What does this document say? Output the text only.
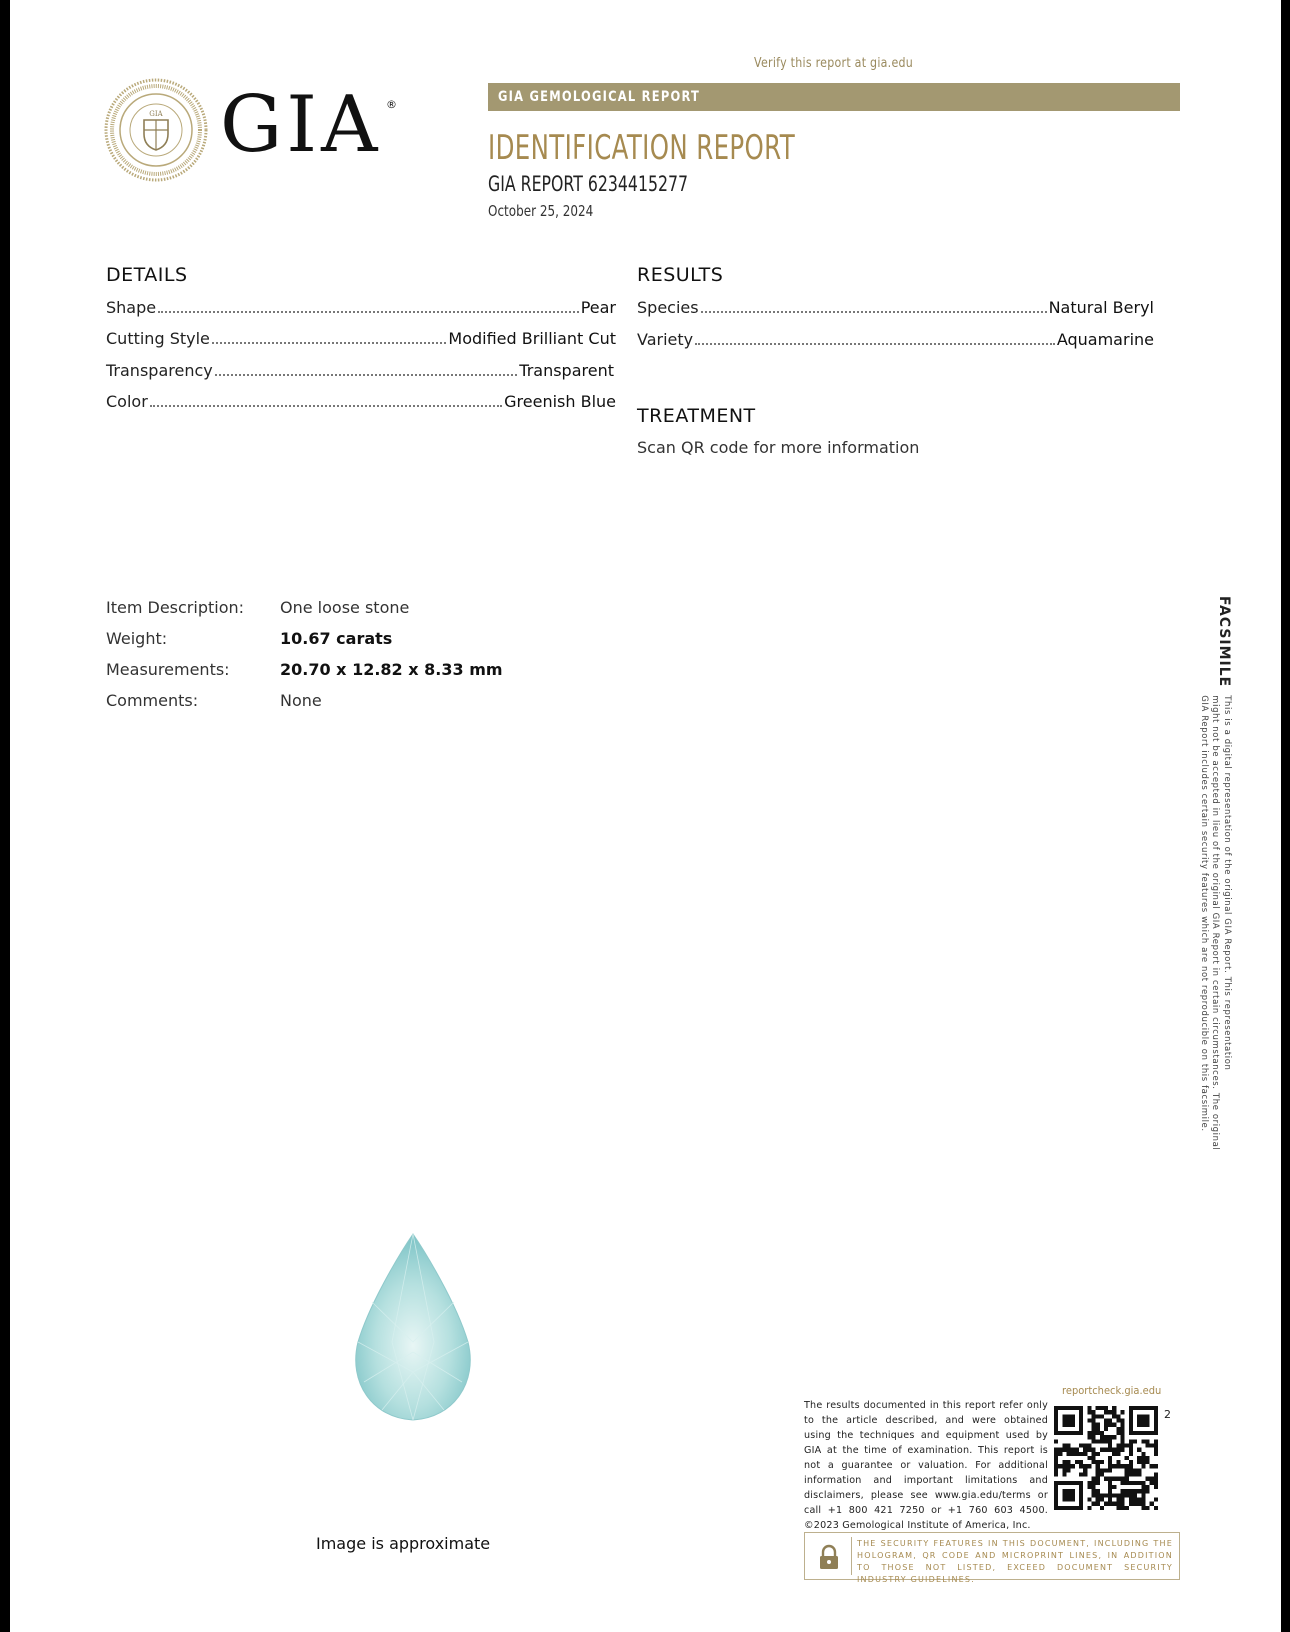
GIA GIA ®
Verify this report at gia.edu
GIA GEMOLOGICAL REPORT
IDENTIFICATION REPORT
GIA REPORT 6234415277
October 25, 2024
DETAILS
Shape	Pear
Cutting Style	Modified Brilliant Cut
Transparency	Transparent
Color	Greenish Blue
RESULTS
Species	Natural Beryl
Variety	Aquamarine
TREATMENT
Scan QR code for more information
Item Description: One loose stone
Weight:	10.67 carats
Measurements:	20.70 x 12.82 x 8.33 mm
Comments:	None
FACSIMILE
This is a digital representation of the original GIA Report. This representation
might not be accepted in lieu of the original GIA Report in certain circumstances. The original
GIA Report includes certain security features which are not reproducible on this facsimile.
Image is approximate
The results documented in this report refer only to the article described, and were obtained using the techniques and equipment used by GIA at the time of examination. This report is not a guarantee or valuation. For additional information and important limitations and disclaimers, please see www.gia.edu/terms or call +1 800 421 7250 or +1 760 603 4500. ©2023 Gemological Institute of America, Inc.
reportcheck.gia.edu
2
THE SECURITY FEATURES IN THIS DOCUMENT, INCLUDING THE HOLOGRAM, QR CODE AND MICROPRINT LINES, IN ADDITION TO THOSE NOT LISTED, EXCEED DOCUMENT SECURITY INDUSTRY GUIDELINES.
